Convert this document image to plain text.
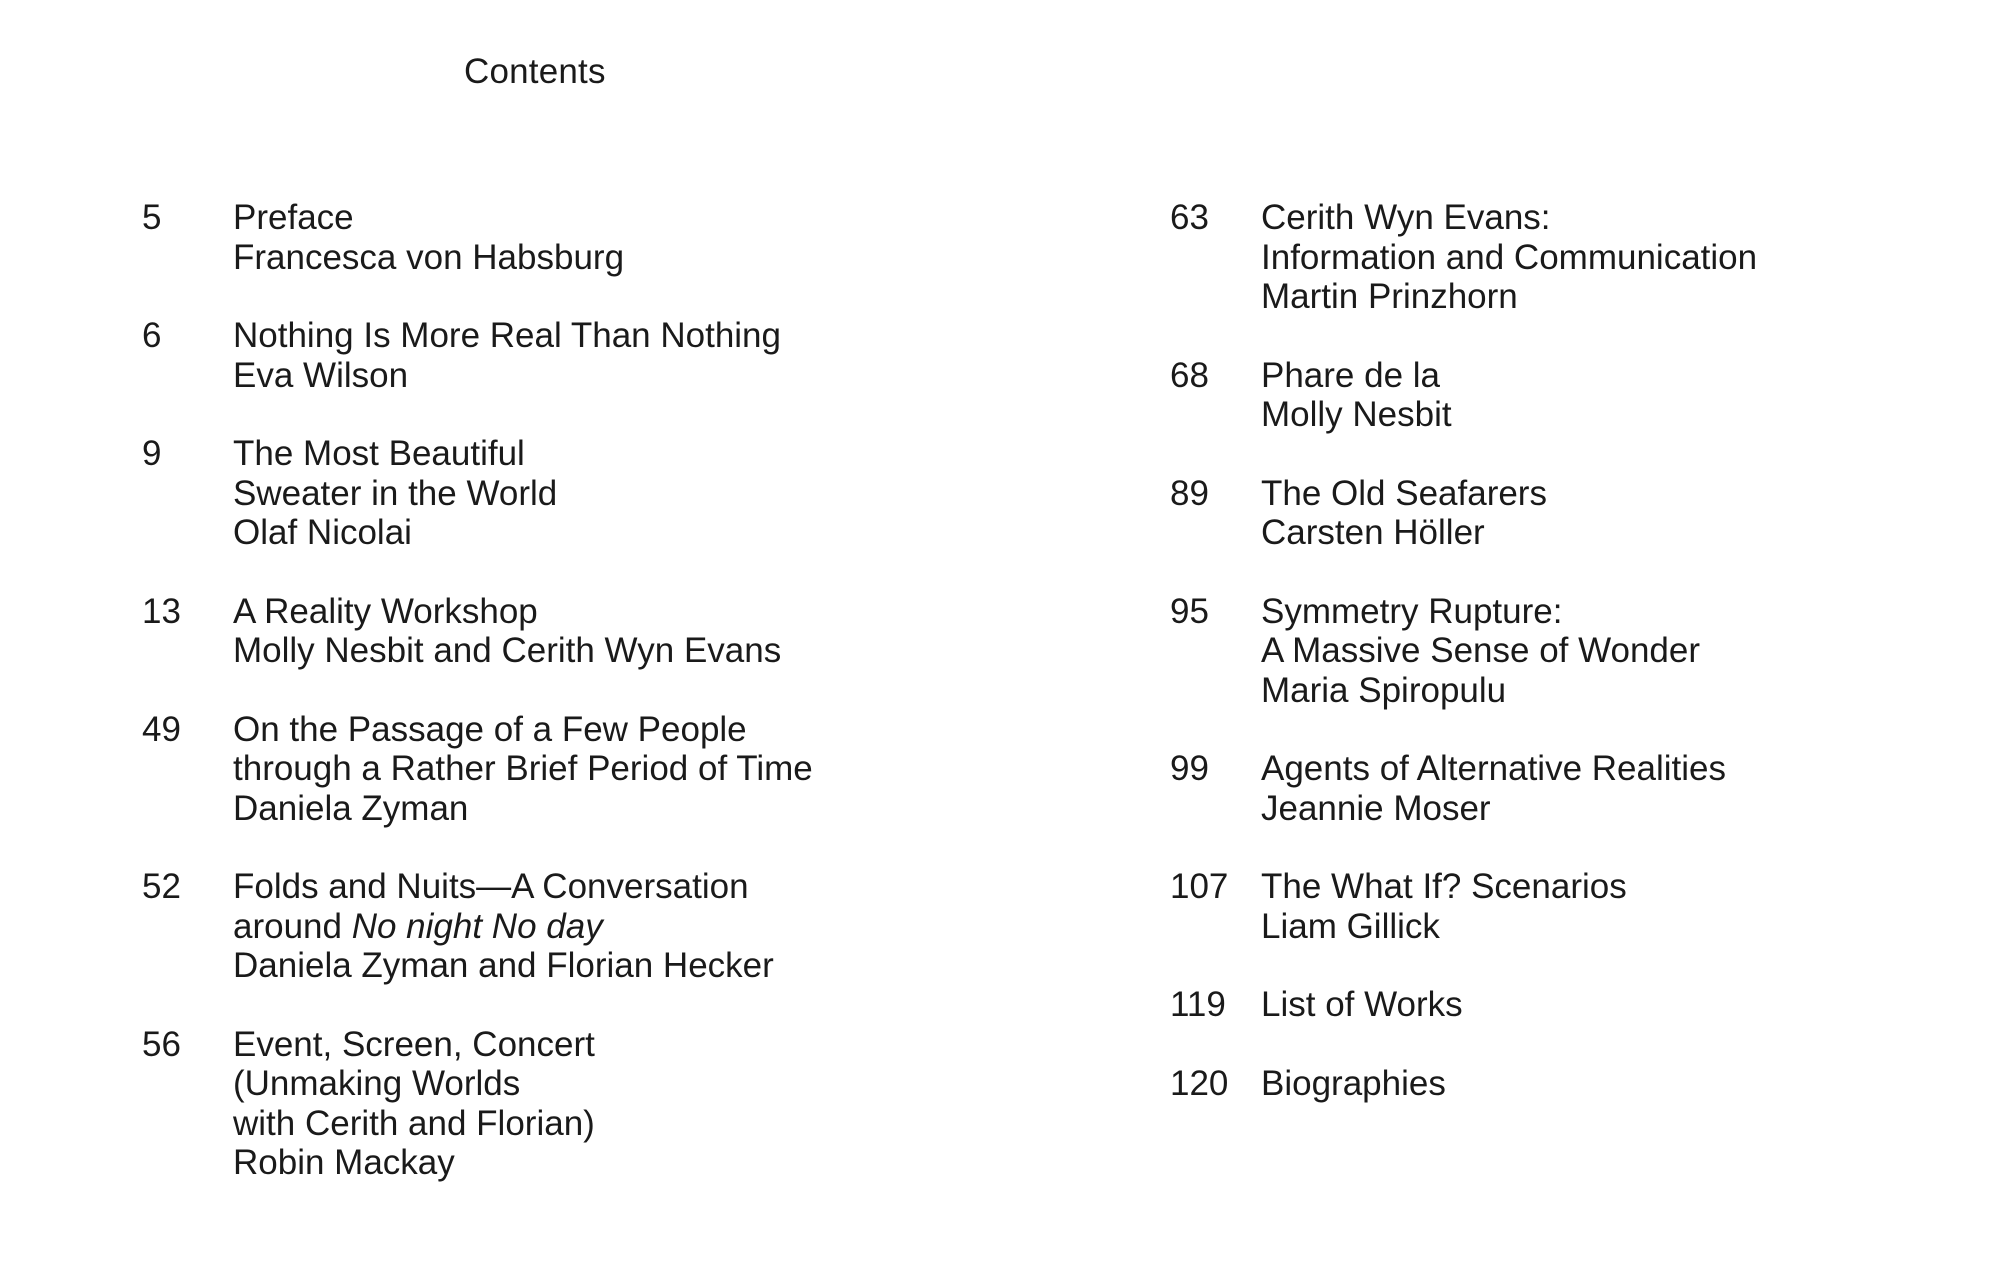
Contents
5	Preface
Francesca von Habsburg
6	Nothing Is More Real Than Nothing
Eva Wilson
9	The Most Beautiful
Sweater in the World
Olaf Nicolai
13	A Reality Workshop
Molly Nesbit and Cerith Wyn Evans
49	On the Passage of a Few People
through a Rather Brief Period of Time
Daniela Zyman
52	Folds and Nuits—A Conversation
around No night No day
Daniela Zyman and Florian Hecker
56	Event, Screen, Concert
(Unmaking Worlds
with Cerith and Florian)
Robin Mackay
63	Cerith Wyn Evans:
Information and Communication
Martin Prinzhorn
68	Phare de la
Molly Nesbit
89	The Old Seafarers
Carsten Höller
95	Symmetry Rupture:
A Massive Sense of Wonder
Maria Spiropulu
99	Agents of Alternative Realities
Jeannie Moser
107 The What If? Scenarios
Liam Gillick
119	List of Works
120 Biographies
